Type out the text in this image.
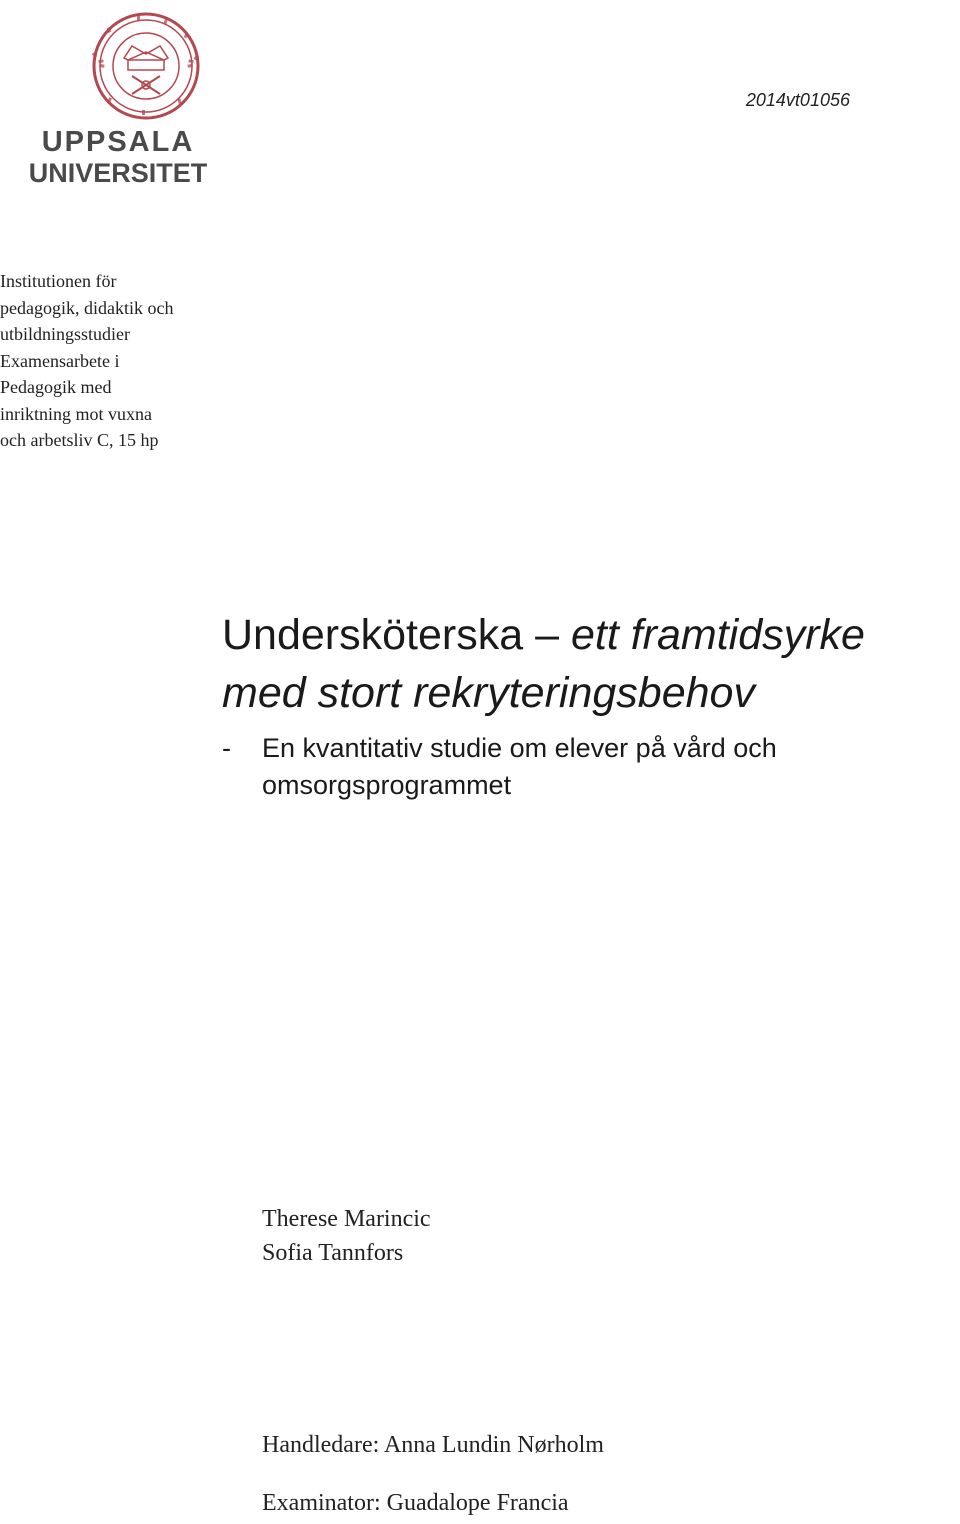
UPPSALA
UNIVERSITET
2014vt01056
Institutionen för
pedagogik, didaktik och
utbildningsstudier
Examensarbete i
Pedagogik med
inriktning mot vuxna
och arbetsliv C, 15 hp
Undersköterska – ett framtidsyrke
med stort rekryteringsbehov
-	En kvantitativ studie om elever på vård och
omsorgsprogrammet
Therese Marincic
Sofia Tannfors
Handledare: Anna Lundin Nørholm
Examinator: Guadalope Francia
